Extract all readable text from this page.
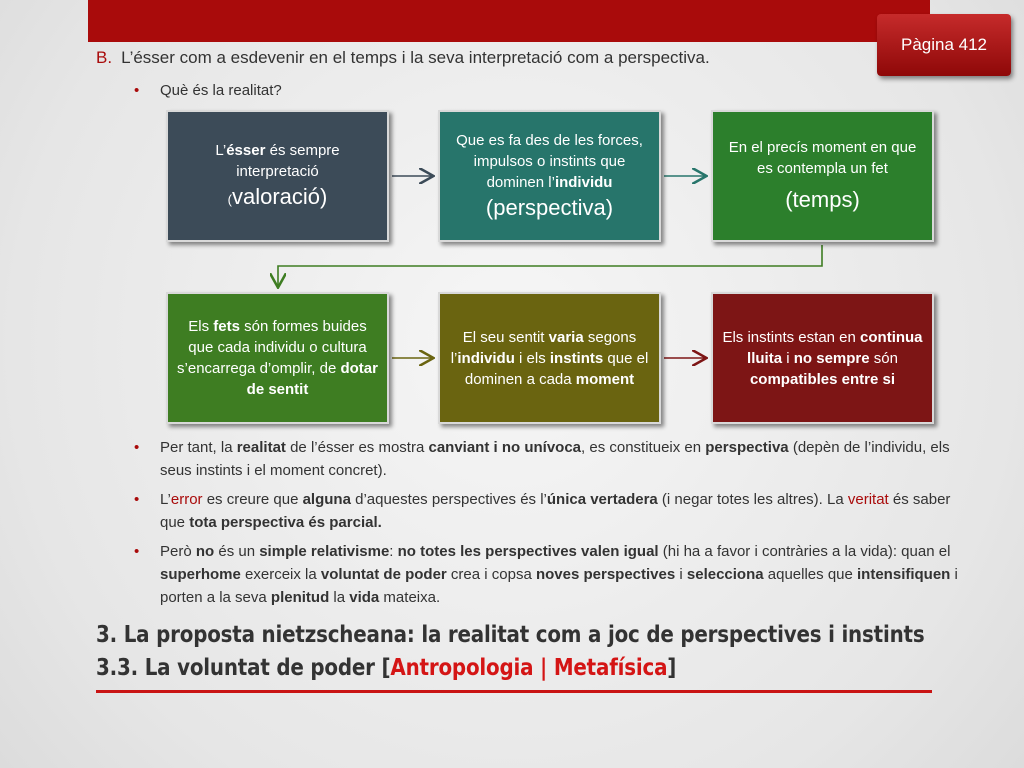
Pàgina 412
B. L’ésser com a esdevenir en el temps i la seva interpretació com a perspectiva.
• Què és la realitat?
L’ésser és sempre interpretació
(valoració)
Que es fa des de les forces, impulsos o instints que dominen l’individu
(perspectiva)
En el precís moment en que es contempla un fet
(temps)
Els fets són formes buides que cada individu o cultura s’encarrega d’omplir, de dotar de sentit
El seu sentit varia segons l’individu i els instints que el dominen a cada moment
Els instints estan en continua lluita i no sempre són compatibles entre si
• Per tant, la realitat de l’ésser es mostra canviant i no unívoca, es constitueix en perspectiva (depèn de l’individu, els seus instints i el moment concret).
• L’error es creure que alguna d’aquestes perspectives és l’única vertadera (i negar totes les altres). La veritat és saber que tota perspectiva és parcial.
• Però no és un simple relativisme: no totes les perspectives valen igual (hi ha a favor i contràries a la vida): quan el superhome exerceix la voluntat de poder crea i copsa noves perspectives i selecciona aquelles que intensifiquen i porten a la seva plenitud la vida mateixa.
3. La proposta nietzscheana: la realitat com a joc de perspectives i instints
3.3. La voluntat de poder [Antropologia | Metafísica]
